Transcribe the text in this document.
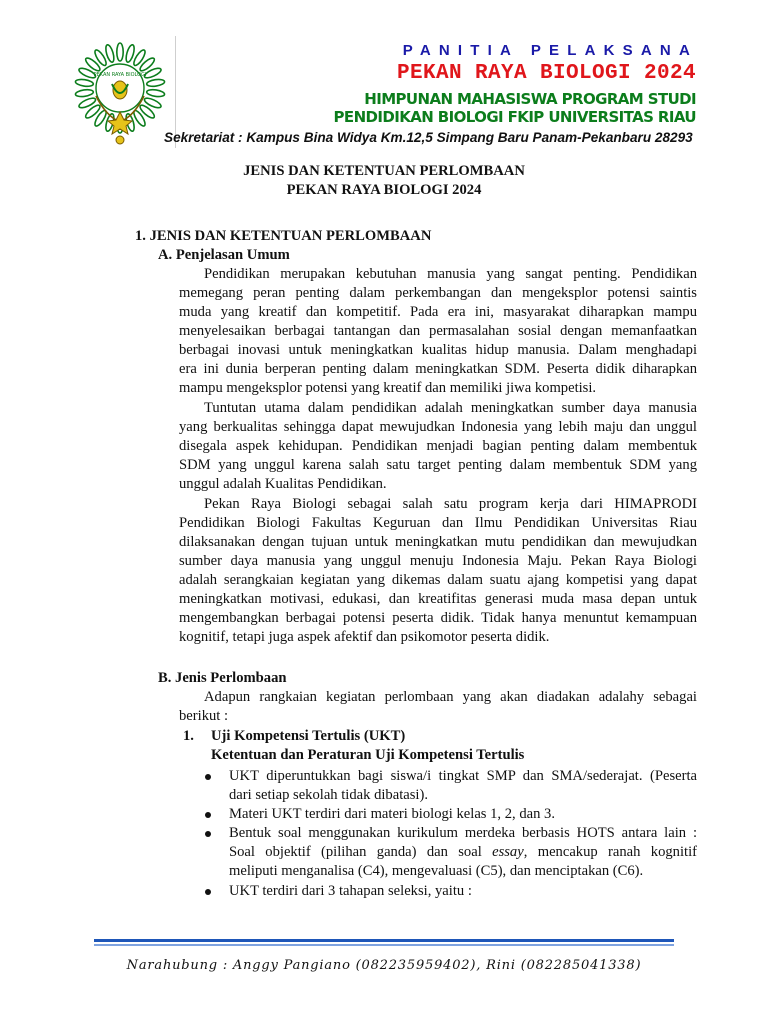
PEKAN RAYA BIOLOGI
PANITIA PELAKSANA
PEKAN RAYA BIOLOGI 2024
HIMPUNAN MAHASISWA PROGRAM STUDI
PENDIDIKAN BIOLOGI FKIP UNIVERSITAS RIAU
Sekretariat : Kampus Bina Widya Km.12,5 Simpang Baru Panam-Pekanbaru 28293
JENIS DAN KETENTUAN PERLOMBAAN
PEKAN RAYA BIOLOGI 2024
1. JENIS DAN KETENTUAN PERLOMBAAN
A. Penjelasan Umum
Pendidikan merupakan kebutuhan manusia yang sangat penting. Pendidikan
memegang peran penting dalam perkembangan dan mengeksplor potensi saintis
muda yang kreatif dan kompetitif. Pada era ini, masyarakat diharapkan mampu
menyelesaikan berbagai tantangan dan permasalahan sosial dengan memanfaatkan
berbagai inovasi untuk meningkatkan kualitas hidup manusia. Dalam menghadapi
era ini dunia berperan penting dalam meningkatkan SDM. Peserta didik diharapkan
mampu mengeksplor potensi yang kreatif dan memiliki jiwa kompetisi.
Tuntutan utama dalam pendidikan adalah meningkatkan sumber daya manusia
yang berkualitas sehingga dapat mewujudkan Indonesia yang lebih maju dan unggul
disegala aspek kehidupan. Pendidikan menjadi bagian penting dalam membentuk
SDM yang unggul karena salah satu target penting dalam membentuk SDM yang
unggul adalah Kualitas Pendidikan.
Pekan Raya Biologi sebagai salah satu program kerja dari HIMAPRODI
Pendidikan Biologi Fakultas Keguruan dan Ilmu Pendidikan Universitas Riau
dilaksanakan dengan tujuan untuk meningkatkan mutu pendidikan dan mewujudkan
sumber daya manusia yang unggul menuju Indonesia Maju. Pekan Raya Biologi
adalah serangkaian kegiatan yang dikemas dalam suatu ajang kompetisi yang dapat
meningkatkan motivasi, edukasi, dan kreatifitas generasi muda masa depan untuk
mengembangkan berbagai potensi peserta didik. Tidak hanya menuntut kemampuan
kognitif, tetapi juga aspek afektif dan psikomotor peserta didik.
B. Jenis Perlombaan
Adapun rangkaian kegiatan perlombaan yang akan diadakan adalahy sebagai
berikut :
1. Uji Kompetensi Tertulis (UKT)
Ketentuan dan Peraturan Uji Kompetensi Tertulis
UKT diperuntukkan bagi siswa/i tingkat SMP dan SMA/sederajat. (Peserta
dari setiap sekolah tidak dibatasi).
Materi UKT terdiri dari materi biologi kelas 1, 2, dan 3.
Bentuk soal menggunakan kurikulum merdeka berbasis HOTS antara lain :
Soal objektif (pilihan ganda) dan soal essay, mencakup ranah kognitif
meliputi menganalisa (C4), mengevaluasi (C5), dan menciptakan (C6).
UKT terdiri dari 3 tahapan seleksi, yaitu :
Narahubung : Anggy Pangiano (082235959402), Rini (082285041338)
